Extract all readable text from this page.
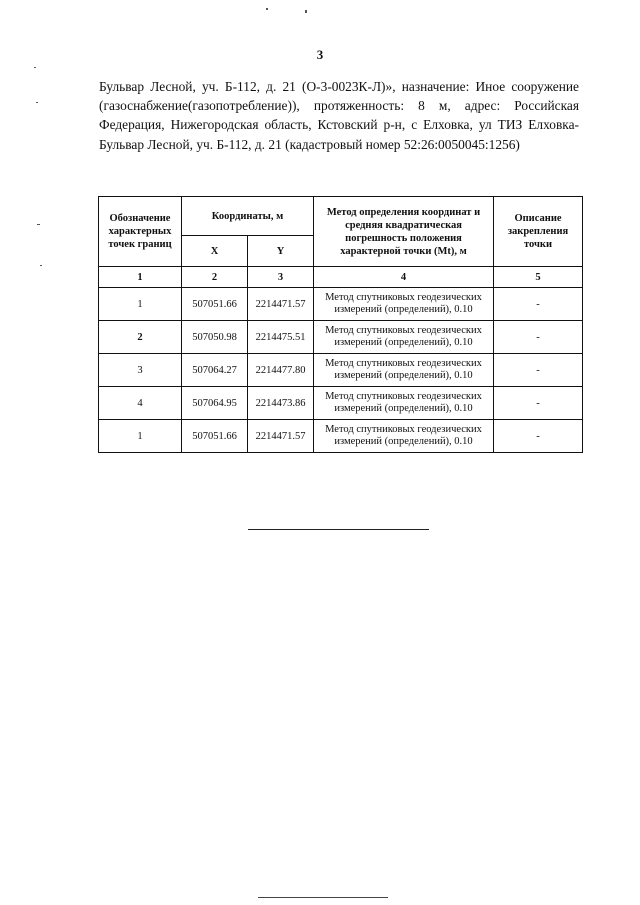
3

Бульвар Лесной, уч. Б-112, д. 21 (О-3-0023К-Л)», назначение: Иное сооружение (газоснабжение(газопотребление)), протяженность: 8 м, адрес: Российская Федерация, Нижегородская область, Кстовский р-н, с Елховка, ул ТИЗ Елховка-Бульвар Лесной, уч. Б-112, д. 21 (кадастровый номер 52:26:0050045:1256)

Обозначение характерных точек границ	Координаты, м		Метод определения координат и средняя квадратическая погрешность положения характерной точки (Mt), м	Описание закрепления точки
	X	Y		
1	2	3	4	5
1	507051.66	2214471.57	Метод спутниковых геодезических измерений (определений), 0.10	-
2	507050.98	2214475.51	Метод спутниковых геодезических измерений (определений), 0.10	-
3	507064.27	2214477.80	Метод спутниковых геодезических измерений (определений), 0.10	-
4	507064.95	2214473.86	Метод спутниковых геодезических измерений (определений), 0.10	-
1	507051.66	2214471.57	Метод спутниковых геодезических измерений (определений), 0.10	-
